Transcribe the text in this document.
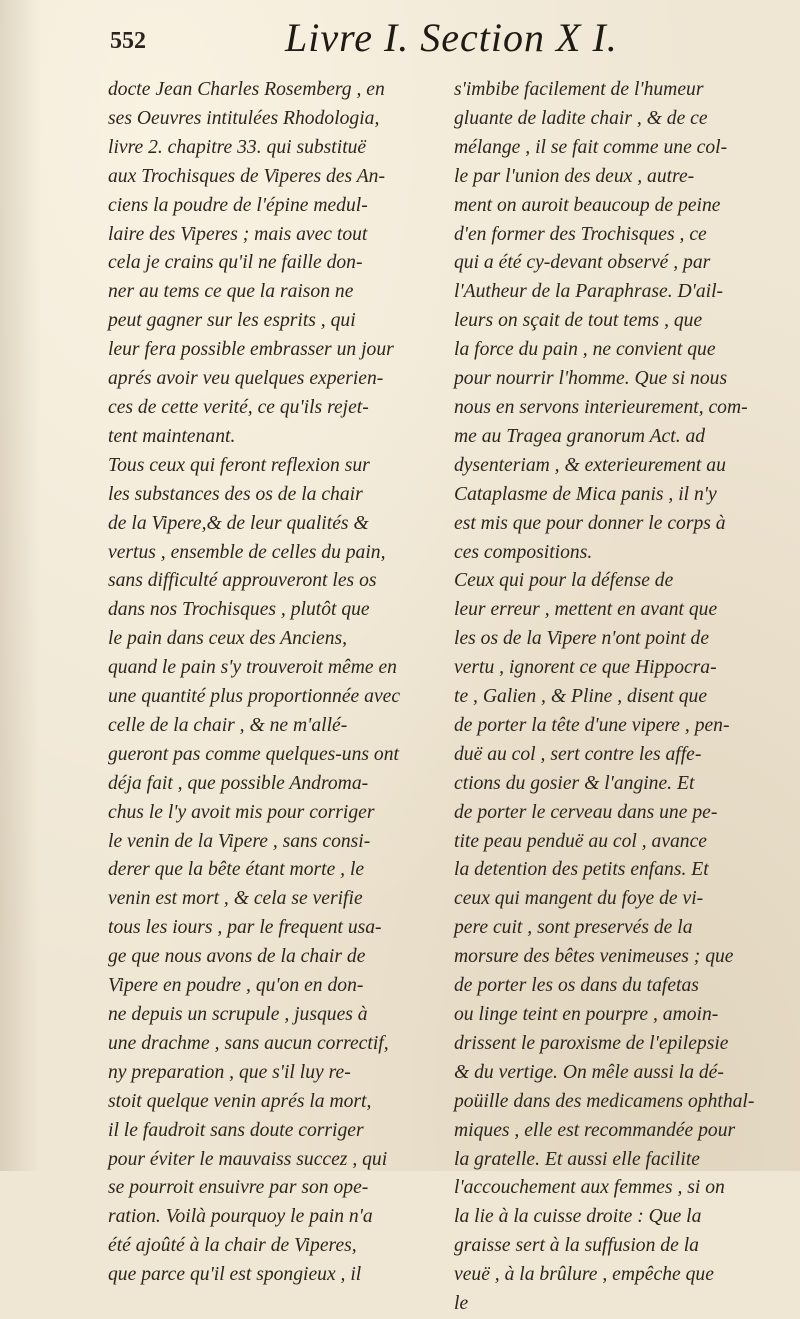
552	Livre I. Section X I.
docte Jean Charles Rosemberg , en
ses Oeuvres intitulées Rhodologia,
livre 2. chapitre 33. qui substituë
aux Trochisques de Viperes des An-
ciens la poudre de l'épine medul-
laire des Viperes ; mais avec tout
cela je crains qu'il ne faille don-
ner au tems ce que la raison ne
peut gagner sur les esprits , qui
leur fera possible embrasser un jour
aprés avoir veu quelques experien-
ces de cette verité, ce qu'ils rejet-
tent maintenant.
Tous ceux qui feront reflexion sur
les substances des os de la chair
de la Vipere,& de leur qualités &
vertus , ensemble de celles du pain,
sans difficulté approuveront les os
dans nos Trochisques , plutôt que
le pain dans ceux des Anciens,
quand le pain s'y trouveroit même en
une quantité plus proportionnée avec
celle de la chair , & ne m'allé-
gueront pas comme quelques-uns ont
déja fait , que possible Androma-
chus le l'y avoit mis pour corriger
le venin de la Vipere , sans consi-
derer que la bête étant morte , le
venin est mort , & cela se verifie
tous les iours , par le frequent usa-
ge que nous avons de la chair de
Vipere en poudre , qu'on en don-
ne depuis un scrupule , jusques à
une drachme , sans aucun correctif,
ny preparation , que s'il luy re-
stoit quelque venin aprés la mort,
il le faudroit sans doute corriger
pour éviter le mauvaiss succez , qui
se pourroit ensuivre par son ope-
ration. Voilà pourquoy le pain n'a
été ajoûté à la chair de Viperes,
que parce qu'il est spongieux , il
s'imbibe facilement de l'humeur
gluante de ladite chair , & de ce
mélange , il se fait comme une col-
le par l'union des deux , autre-
ment on auroit beaucoup de peine
d'en former des Trochisques , ce
qui a été cy-devant observé , par
l'Autheur de la Paraphrase. D'ail-
leurs on sçait de tout tems , que
la force du pain , ne convient que
pour nourrir l'homme. Que si nous
nous en servons interieurement, com-
me au Tragea granorum Act. ad
dysenteriam , & exterieurement au
Cataplasme de Mica panis , il n'y
est mis que pour donner le corps à
ces compositions.
Ceux qui pour la défense de
leur erreur , mettent en avant que
les os de la Vipere n'ont point de
vertu , ignorent ce que Hippocra-
te , Galien , & Pline , disent que
de porter la tête d'une vipere , pen-
duë au col , sert contre les affe-
ctions du gosier & l'angine. Et
de porter le cerveau dans une pe-
tite peau penduë au col , avance
la detention des petits enfans. Et
ceux qui mangent du foye de vi-
pere cuit , sont preservés de la
morsure des bêtes venimeuses ; que
de porter les os dans du tafetas
ou linge teint en pourpre , amoin-
drissent le paroxisme de l'epilepsie
& du vertige. On mêle aussi la dé-
poüille dans des medicamens ophthal-
miques , elle est recommandée pour
la gratelle. Et aussi elle facilite
l'accouchement aux femmes , si on
la lie à la cuisse droite : Que la
graisse sert à la suffusion de la
veuë , à la brûlure , empêche que
le
